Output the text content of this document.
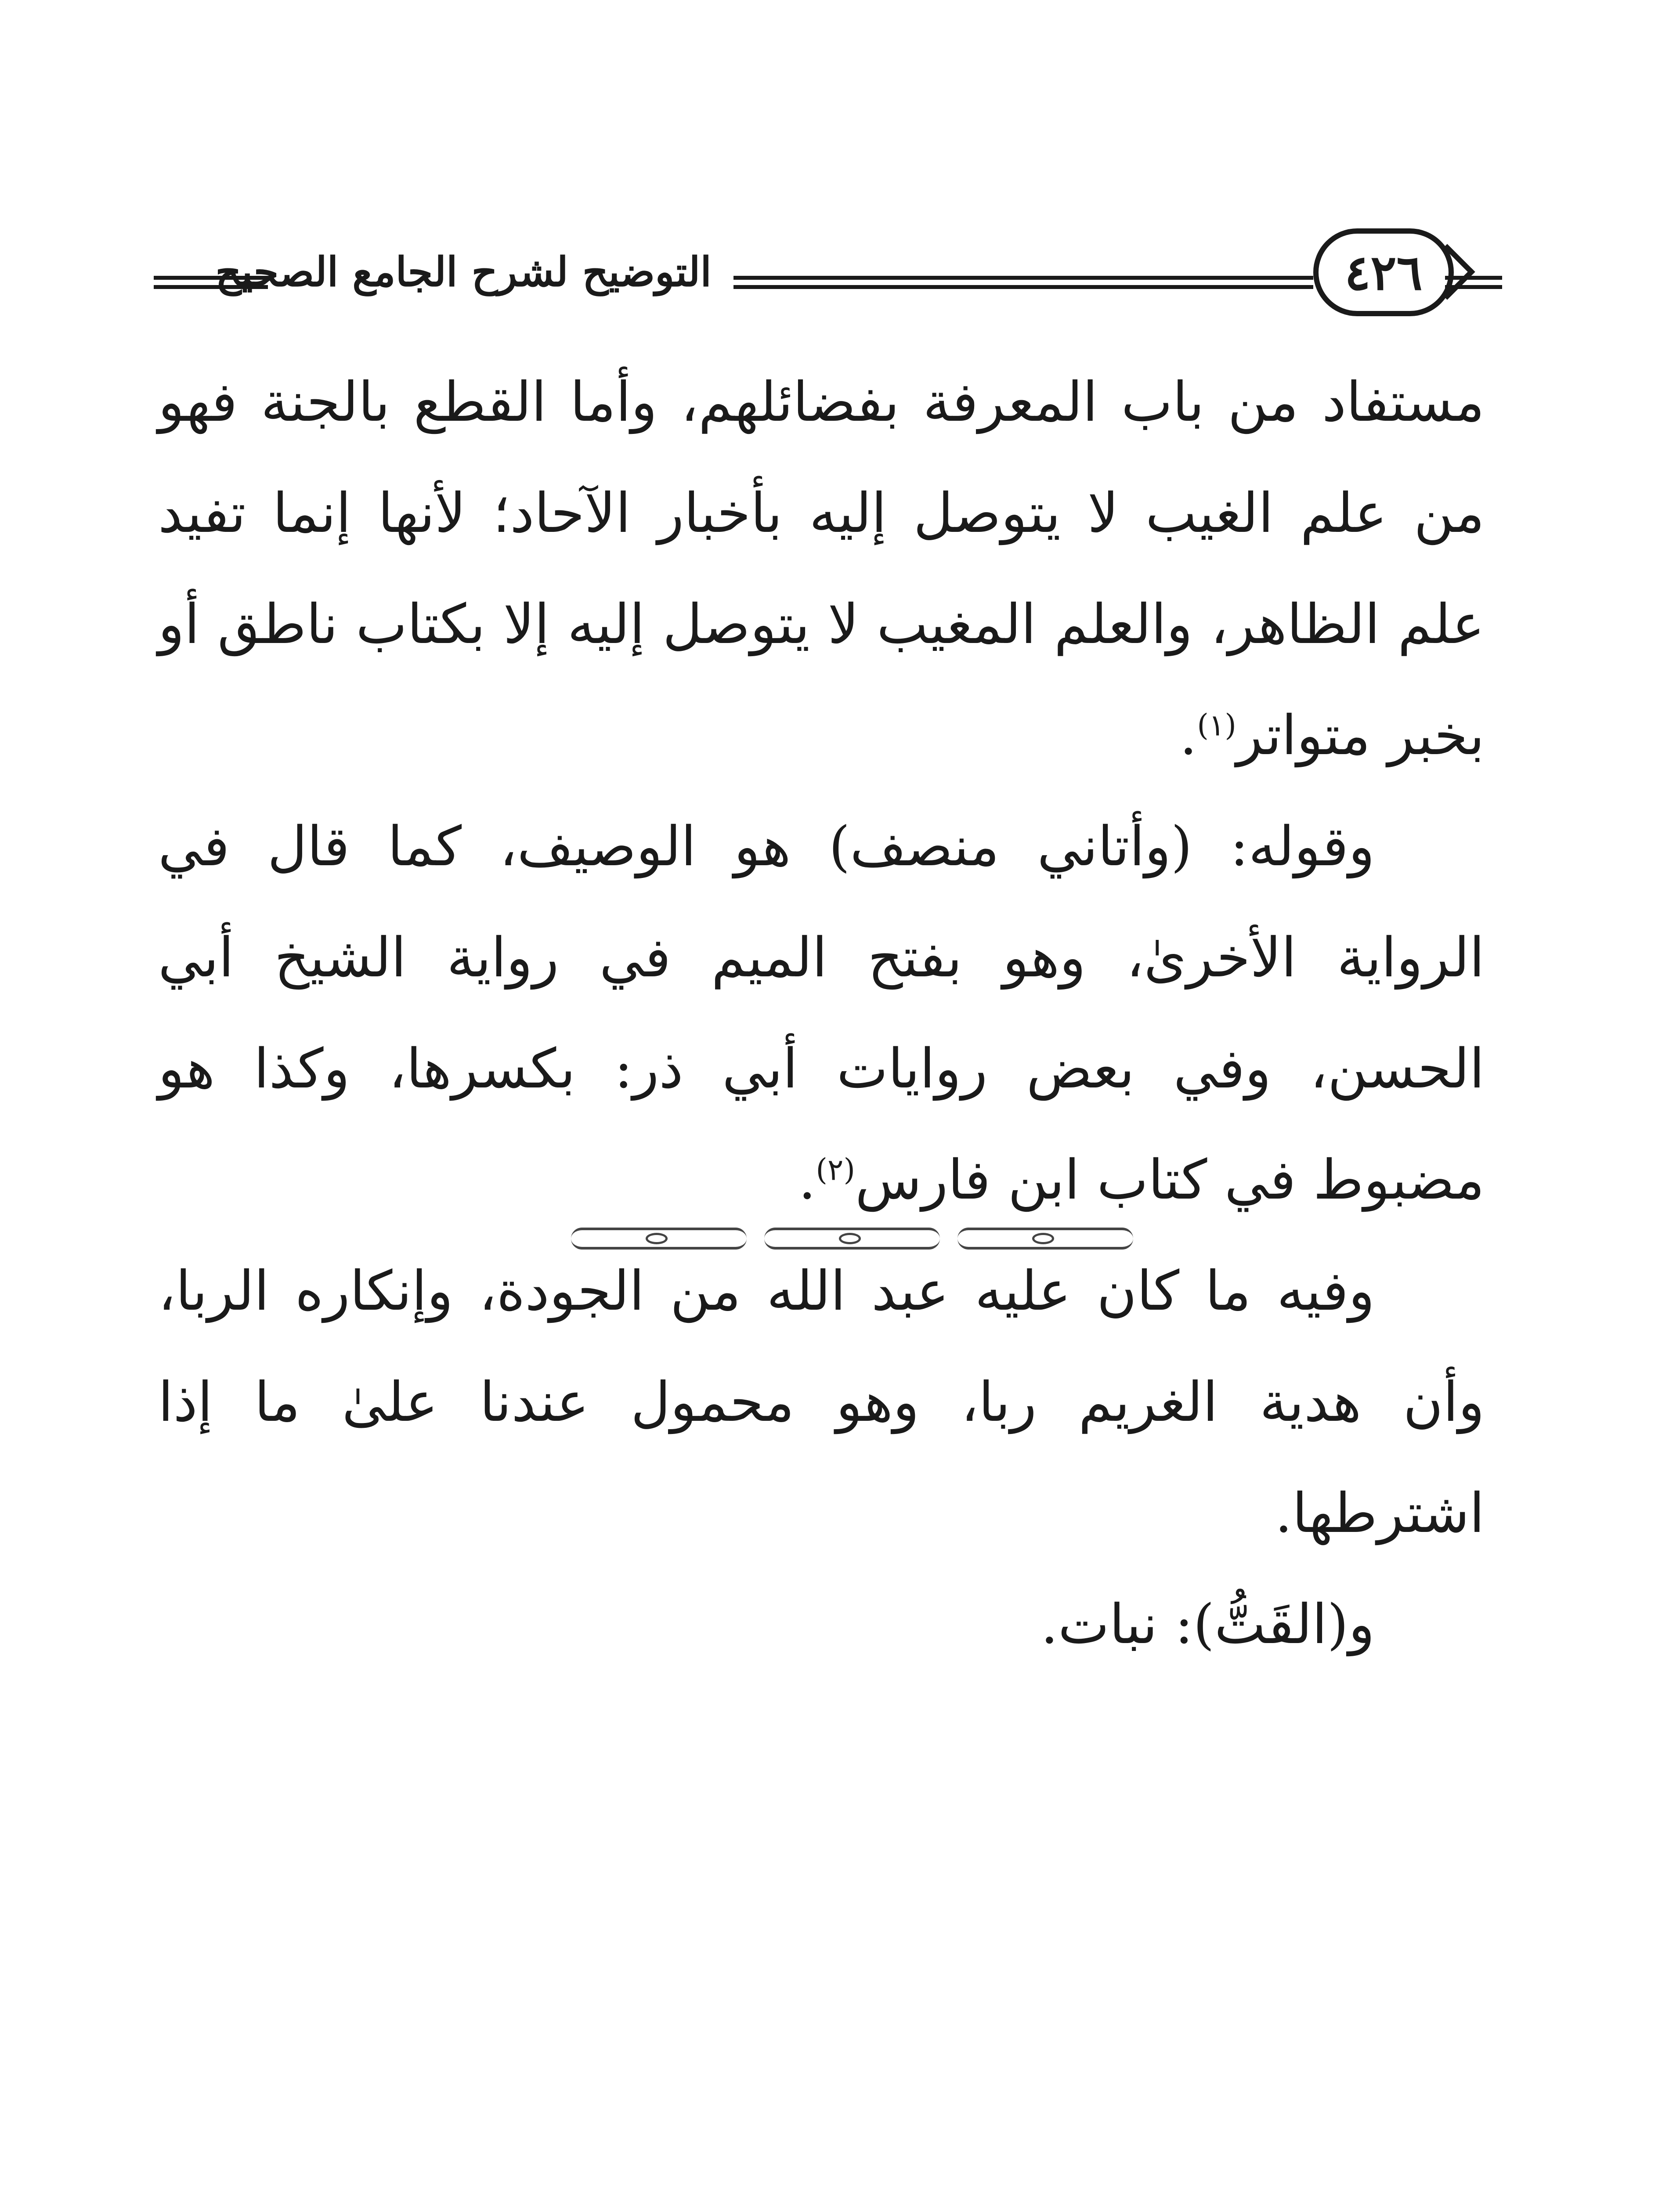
التوضيح لشرح الجامع الصحيح	٤٢٦

مستفاد من باب المعرفة بفضائلهم، وأما القطع بالجنة فهو من علم الغيب لا يتوصل إليه بأخبار الآحاد؛ لأنها إنما تفيد علم الظاهر، والعلم المغيب لا يتوصل إليه إلا بكتاب ناطق أو بخبر متواتر$^{(١)}$.

وقوله: (وأتاني منصف) هو الوصيف، كما قال في الرواية الأخرىٰ، وهو بفتح الميم في رواية الشيخ أبي الحسن، وفي بعض روايات أبي ذر: بكسرها، وكذا هو مضبوط في كتاب ابن فارس$^{(٢)}$.

وفيه ما كان عليه عبد الله من الجودة، وإنكاره الربا، وأن هدية الغريم ربا، وهو محمول عندنا علىٰ ما إذا اشترطها.

و(القَتُّ): نبات.
